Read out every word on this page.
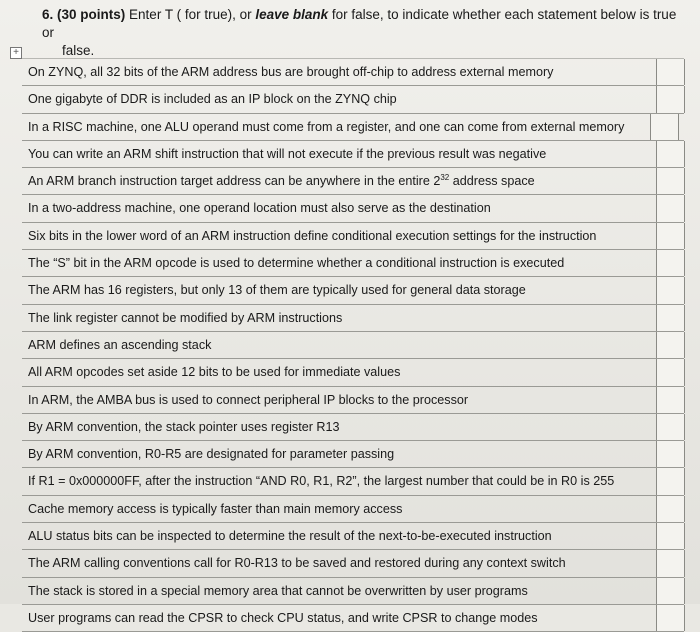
6. (30 points) Enter T ( for true), or leave blank for false, to indicate whether each statement below is true or
false.
+
On ZYNQ, all 32 bits of the ARM address bus are brought off-chip to address external memory
One gigabyte of DDR is included as an IP block on the ZYNQ chip
In a RISC machine, one ALU operand must come from a register, and one can come from external memory
You can write an ARM shift instruction that will not execute if the previous result was negative
An ARM branch instruction target address can be anywhere in the entire $2^{32}$ address space
In a two-address machine, one operand location must also serve as the destination
Six bits in the lower word of an ARM instruction define conditional execution settings for the instruction
The “S” bit in the ARM opcode is used to determine whether a conditional instruction is executed
The ARM has 16 registers, but only 13 of them are typically used for general data storage
The link register cannot be modified by ARM instructions
ARM defines an ascending stack
All ARM opcodes set aside 12 bits to be used for immediate values
In ARM, the AMBA bus is used to connect peripheral IP blocks to the processor
By ARM convention, the stack pointer uses register R13
By ARM convention, R0-R5 are designated for parameter passing
If R1 = 0x000000FF, after the instruction “AND R0, R1, R2”, the largest number that could be in R0 is 255
Cache memory access is typically faster than main memory access
ALU status bits can be inspected to determine the result of the next-to-be-executed instruction
The ARM calling conventions call for R0-R13 to be saved and restored during any context switch
The stack is stored in a special memory area that cannot be overwritten by user programs
User programs can read the CPSR to check CPU status, and write CPSR to change modes
